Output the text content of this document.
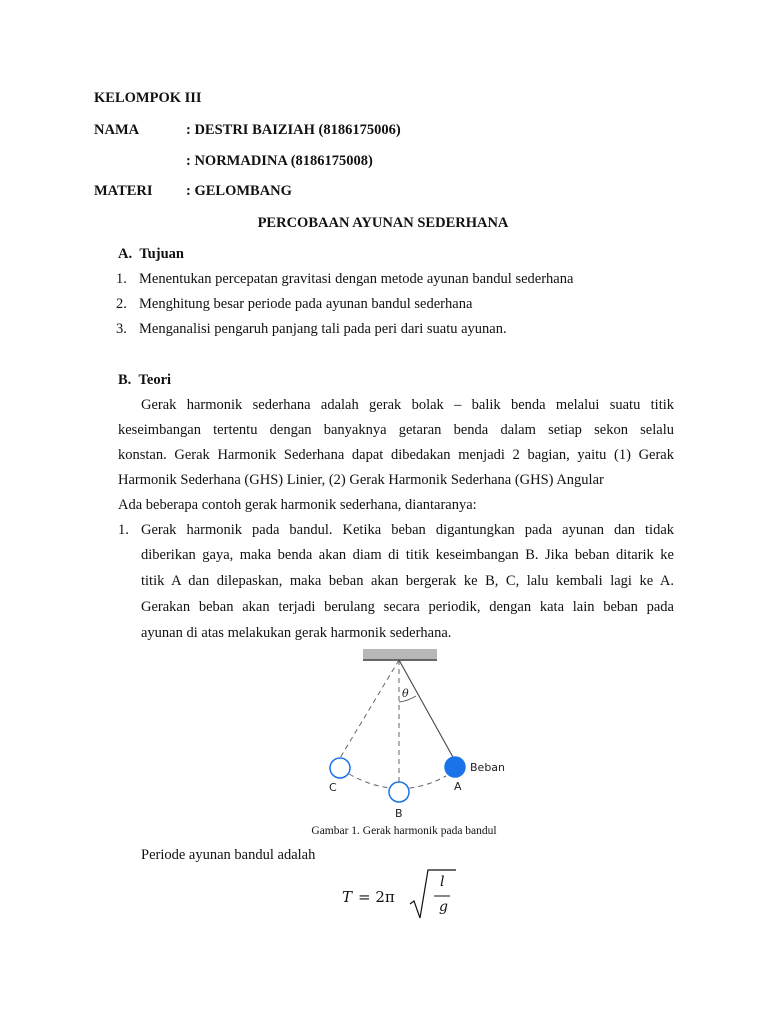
KELOMPOK III
NAMA	: DESTRI BAIZIAH (8186175006)
: NORMADINA (8186175008)
MATERI : GELOMBANG
PERCOBAAN AYUNAN SEDERHANA
A.  Tujuan
1. Menentukan percepatan gravitasi dengan metode ayunan bandul sederhana
2. Menghitung besar periode pada ayunan bandul sederhana
3. Menganalisi pengaruh panjang tali pada peri dari suatu ayunan.
B.  Teori
Gerak harmonik sederhana adalah gerak bolak – balik benda melalui suatu titik
keseimbangan tertentu dengan banyaknya getaran benda dalam setiap sekon selalu
konstan. Gerak Harmonik Sederhana dapat dibedakan menjadi 2 bagian, yaitu (1) Gerak
Harmonik Sederhana (GHS) Linier, (2) Gerak Harmonik Sederhana (GHS) Angular
Ada beberapa contoh gerak harmonik sederhana, diantaranya:
1. Gerak harmonik pada bandul. Ketika beban digantungkan pada ayunan dan tidak
diberikan gaya, maka benda akan diam di titik keseimbangan B. Jika beban ditarik ke
titik A dan dilepaskan, maka beban akan bergerak ke B, C, lalu kembali lagi ke A.
Gerakan beban akan terjadi berulang secara periodik, dengan kata lain beban pada
ayunan di atas melakukan gerak harmonik sederhana.
θ
Beban
A
B
C
Gambar 1. Gerak harmonik pada bandul
Periode ayunan bandul adalah
T = 2π
l
g
